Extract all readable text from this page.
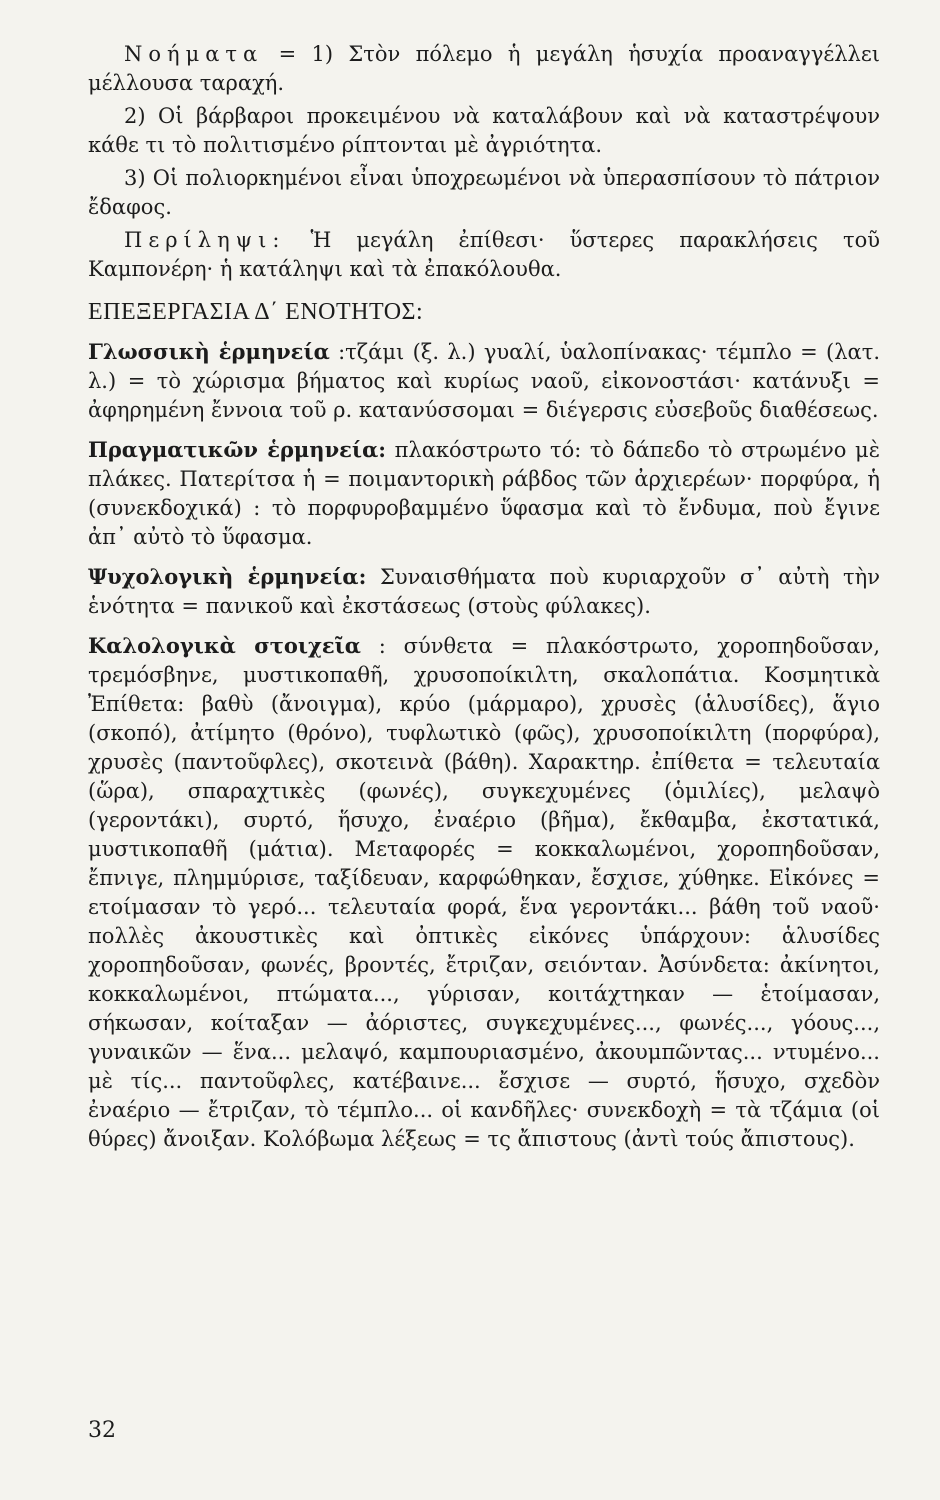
Νοήματα = 1) Στὸν πόλεμο ἡ μεγάλη ἡσυχία προαναγγέλλει μέλλουσα ταραχή.

2) Οἱ βάρβαροι προκειμένου νὰ καταλάβουν καὶ νὰ καταστρέψουν κάθε τι τὸ πολιτισμένο ρίπτονται μὲ ἀγριότητα.

3) Οἱ πολιορκημένοι εἶναι ὑποχρεωμένοι νὰ ὑπερασπίσουν τὸ πάτριον ἔδαφος.

Περίληψι: Ἡ μεγάλη ἐπίθεσι· ὕστερες παρακλήσεις τοῦ Καμπονέρη· ἡ κατάληψι καὶ τὰ ἐπακόλουθα.

ΕΠΕΞΕΡΓΑΣΙΑ Δ΄ ΕΝΟΤΗΤΟΣ:

Γλωσσικὴ ἑρμηνεία :τζάμι (ξ. λ.) γυαλί, ὑαλοπίνακας· τέμπλο = (λατ. λ.) = τὸ χώρισμα βήματος καὶ κυρίως ναοῦ, εἰκονοστάσι· κατάνυξι = ἀφηρημένη ἔννοια τοῦ ρ. κατανύσσομαι = διέγερσις εὐσεβοῦς διαθέσεως.

Πραγματικῶν ἑρμηνεία: πλακόστρωτο τό: τὸ δάπεδο τὸ στρωμένο μὲ πλάκες. Πατερίτσα ἡ = ποιμαντορικὴ ράβδος τῶν ἀρχιερέων· πορφύρα, ἡ (συνεκδοχικά) : τὸ πορφυροβαμμένο ὕφασμα καὶ τὸ ἔνδυμα, ποὺ ἔγινε ἀπ᾽ αὐτὸ τὸ ὕφασμα.

Ψυχολογικὴ ἑρμηνεία: Συναισθήματα ποὺ κυριαρχοῦν σ᾽ αὐτὴ τὴν ἑνότητα = πανικοῦ καὶ ἐκστάσεως (στοὺς φύλακες).

Καλολογικὰ στοιχεῖα : σύνθετα = πλακόστρωτο, χοροπηδοῦσαν, τρεμόσβηνε, μυστικοπαθῆ, χρυσοποίκιλτη, σκαλοπάτια. Κοσμητικὰ Ἐπίθετα: βαθὺ (ἄνοιγμα), κρύο (μάρμαρο), χρυσὲς (ἁλυσίδες), ἅγιο (σκοπό), ἀτίμητο (θρόνο), τυφλωτικὸ (φῶς), χρυσοποίκιλτη (πορφύρα), χρυσὲς (παντοῦφλες), σκοτεινὰ (βάθη). Χαρακτηρ. ἐπίθετα = τελευταία (ὥρα), σπαραχτικὲς (φωνές), συγκεχυμένες (ὁμιλίες), μελαψὸ (γεροντάκι), συρτό, ἥσυχο, ἐναέριο (βῆμα), ἔκθαμβα, ἐκστατικά, μυστικοπαθῆ (μάτια). Μεταφορές = κοκκαλωμένοι, χοροπηδοῦσαν, ἔπνιγε, πλημμύρισε, ταξίδευαν, καρφώθηκαν, ἔσχισε, χύθηκε. Εἰκόνες = ετοίμασαν τὸ γερό... τελευταία φορά, ἕνα γεροντάκι... βάθη τοῦ ναοῦ· πολλὲς ἀκουστικὲς καὶ ὀπτικὲς εἰκόνες ὑπάρχουν: ἁλυσίδες χοροπηδοῦσαν, φωνές, βροντές, ἔτριζαν, σειόνταν. Ἀσύνδετα: ἀκίνητοι, κοκκαλωμένοι, πτώματα..., γύρισαν, κοιτάχτηκαν — ἑτοίμασαν, σήκωσαν, κοίταξαν — ἀόριστες, συγκεχυμένες..., φωνές..., γόους..., γυναικῶν — ἕνα... μελαψό, καμπουριασμένο, ἀκουμπῶντας... ντυμένο... μὲ τίς... παντοῦφλες, κατέβαινε... ἔσχισε — συρτό, ἥσυχο, σχεδὸν ἐναέριο — ἔτριζαν, τὸ τέμπλο... οἱ κανδῆλες· συνεκδοχὴ = τὰ τζάμια (οἱ θύρες) ἄνοιξαν. Κολόβωμα λέξεως = τς ἄπιστους (ἀντὶ τούς ἄπιστους).

32
